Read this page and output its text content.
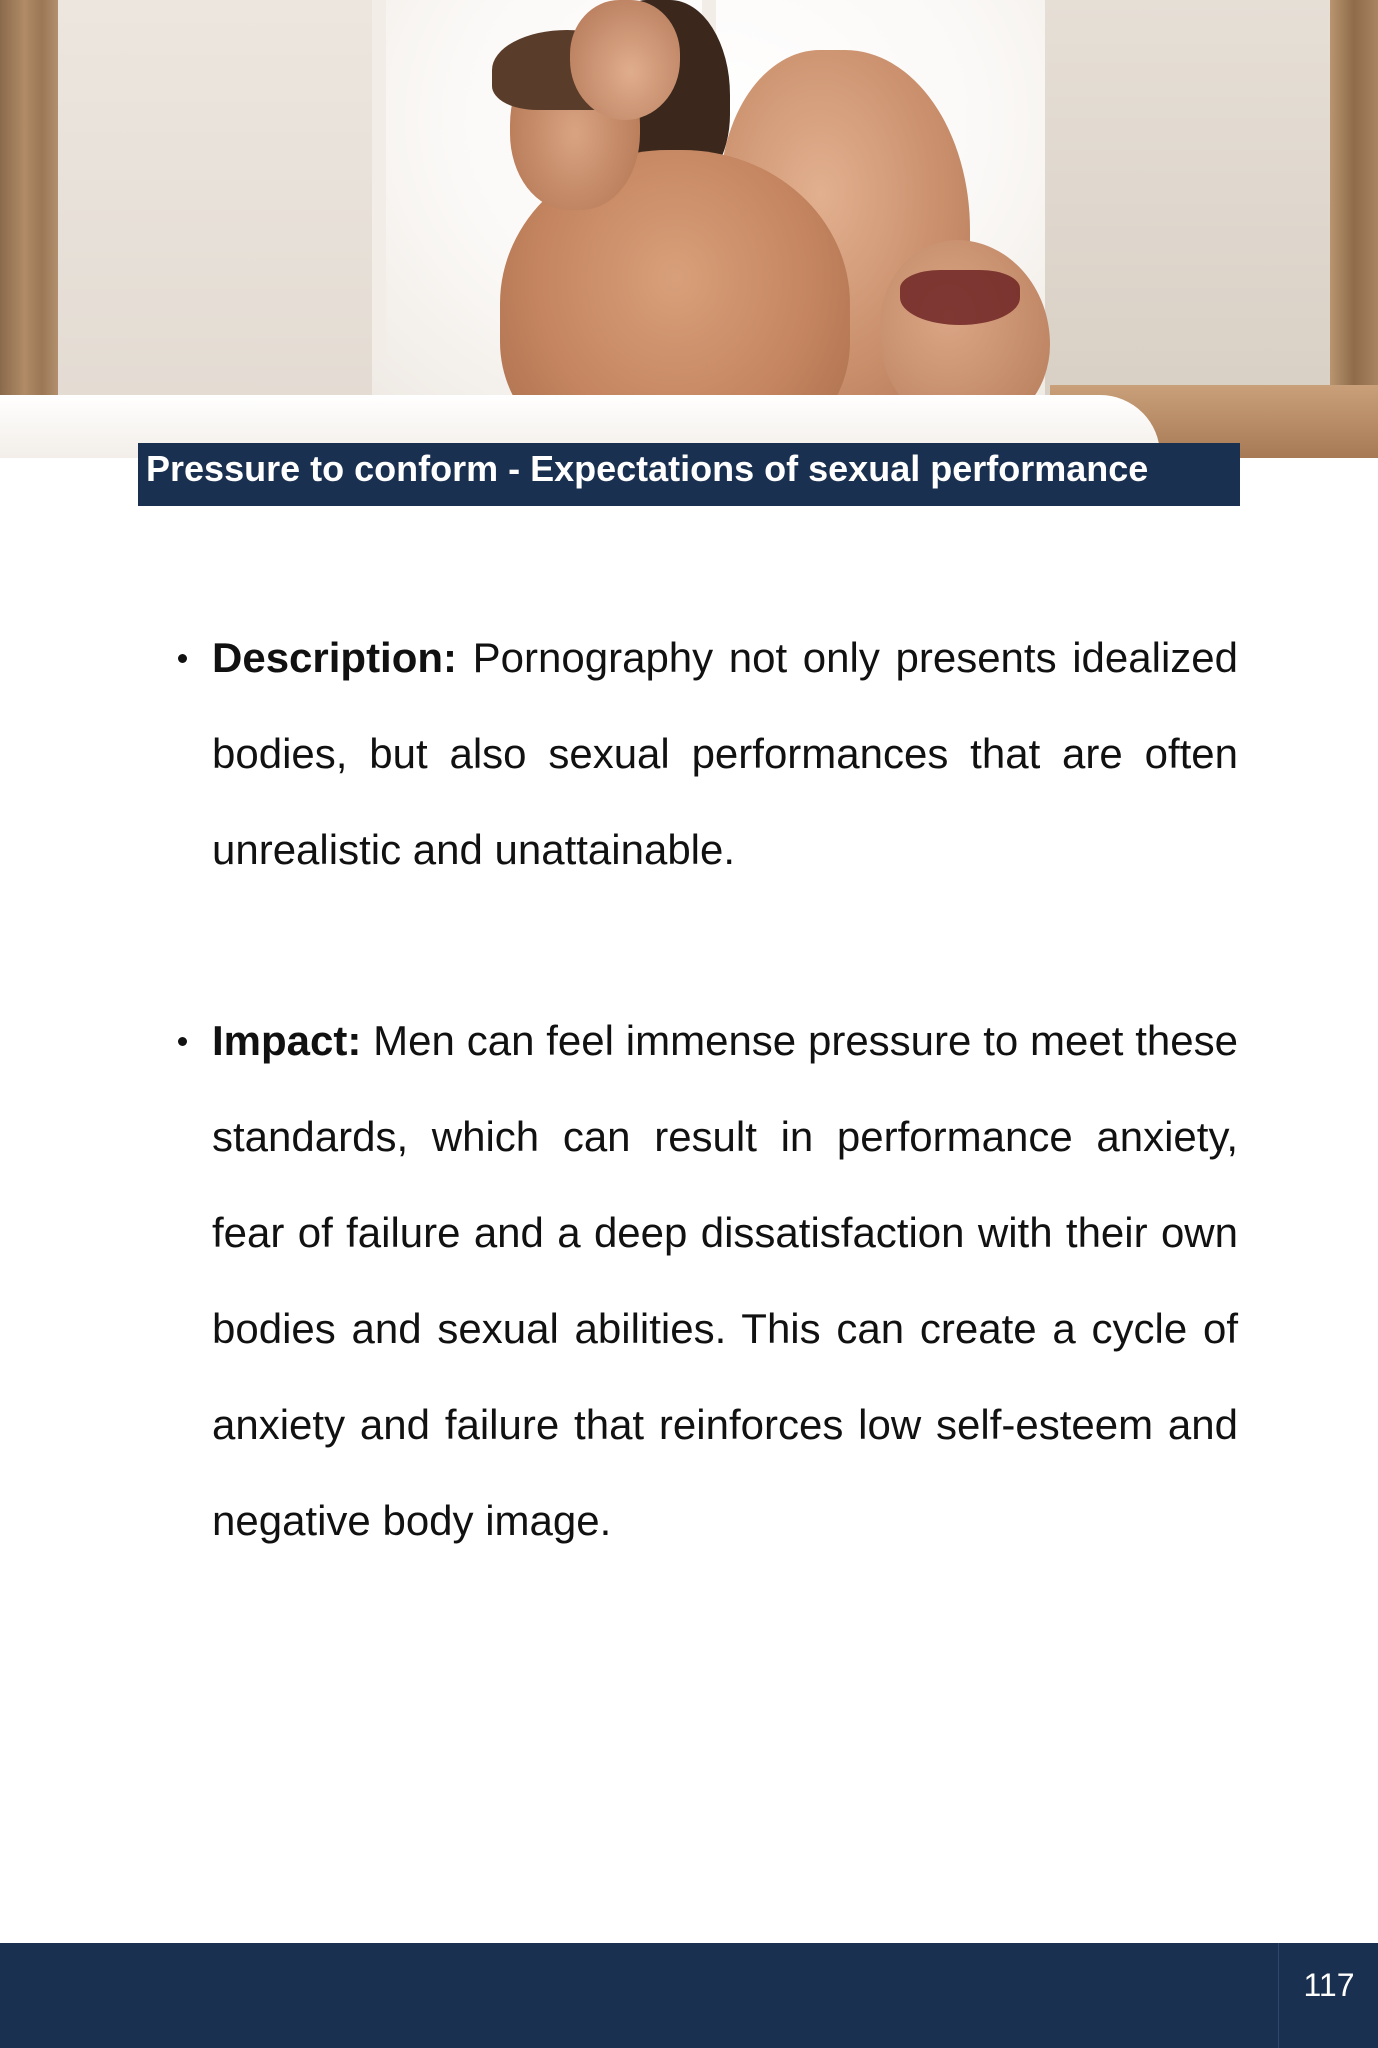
Pressure to conform - Expectations of sexual performance
Description: Pornography not only presents idealized bodies, but also sexual performances that are often unrealistic and unattainable.
Impact: Men can feel immense pressure to meet these standards, which can result in performance anxiety, fear of failure and a deep dissatisfaction with their own bodies and sexual abilities. This can create a cycle of anxiety and failure that reinforces low self-esteem and negative body image.
117
